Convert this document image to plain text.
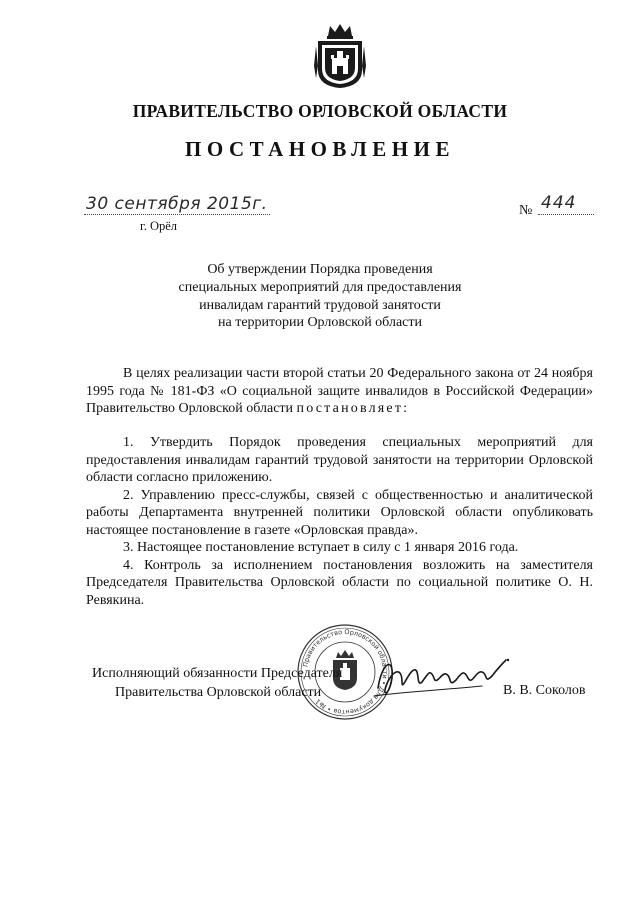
ПРАВИТЕЛЬСТВО ОРЛОВСКОЙ ОБЛАСТИ
ПОСТАНОВЛЕНИЕ
30 сентября 2015г.
г. Орёл
№ 444
Об утверждении Порядка проведения
специальных мероприятий для предоставления
инвалидам гарантий трудовой занятости
на территории Орловской области

В целях реализации части второй статьи 20 Федерального закона от 24 ноября 1995 года № 181-ФЗ «О социальной защите инвалидов в Российской Федерации» Правительство Орловской области постановляет:

1. Утвердить Порядок проведения специальных мероприятий для предоставления инвалидам гарантий трудовой занятости на территории Орловской области согласно приложению.

2. Управлению пресс-службы, связей с общественностью и аналитической работы Департамента внутренней политики Орловской области опубликовать настоящее постановление в газете «Орловская правда».

3. Настоящее постановление вступает в силу с 1 января 2016 года.

4. Контроль за исполнением постановления возложить на заместителя Председателя Правительства Орловской области по социальной политике О. Н. Ревякина.

Правительство Орловской области • Для документов • №1
Исполняющий обязанности Председателя
Правительства Орловской области	В. В. Соколов
